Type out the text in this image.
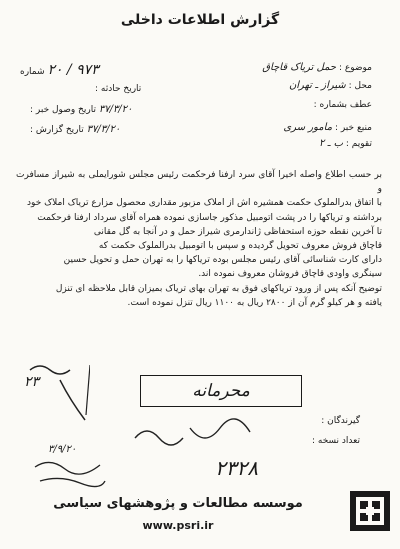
گزارش اطلاعات داخلی
۹۷۳ / ۲۰ شماره
تاریخ حادثه :
۳۷/۳/۲۰ تاریخ وصول خبر :
۳۷/۳/۲۰ تاریخ گزارش :
موضوع : حمل تریاک قاچاق
محل : شیراز ـ تهران
عطف بشماره :
منبع خبر : مامور سری
تقویم : ب ـ ۲

بر حسب اطلاع واصله اخیرا آقای سرد ارفنا فرحکمت رئیس مجلس شورایملی به شیراز مسافرت و

با اتفاق بدرالملوک حکمت همشیره اش از املاک مزبور مقداری محصول مزارع تریاک املاک خود

برداشته و تریاکها را در پشت اتومبیل مذکور جاسازی نموده همراه آقای سرداد ارفنا فرحکمت

تا آخرین نقطه حوزه استحفاظی ژاندارمری شیراز حمل و در آنجا به گل مقانی

قاچاق فروش معروف تحویل گردیده و سپس با اتومبیل بدرالملوک حکمت که

دارای کارت شناسائی آقای رئیس مجلس بوده تریاکها را به تهران حمل و تحویل حسین

سینگری واودی قاچاق فروشان معروف نموده اند.

توضیح آنکه پس از ورود تریاکهای فوق به تهران بهای تریاک بمیزان قابل ملاحظه ای تنزل

یافته و هر کیلو گرم آن از ۲۸۰۰ ریال به ۱۱۰۰ ریال تنزل نموده است.

محرمانه
۲۳
۳/۹/۲۰
گیرندگان :
تعداد نسخه :
۲۳۲۸
موسسه مطالعات و پژوهشهای سیاسی
www.psri.ir
